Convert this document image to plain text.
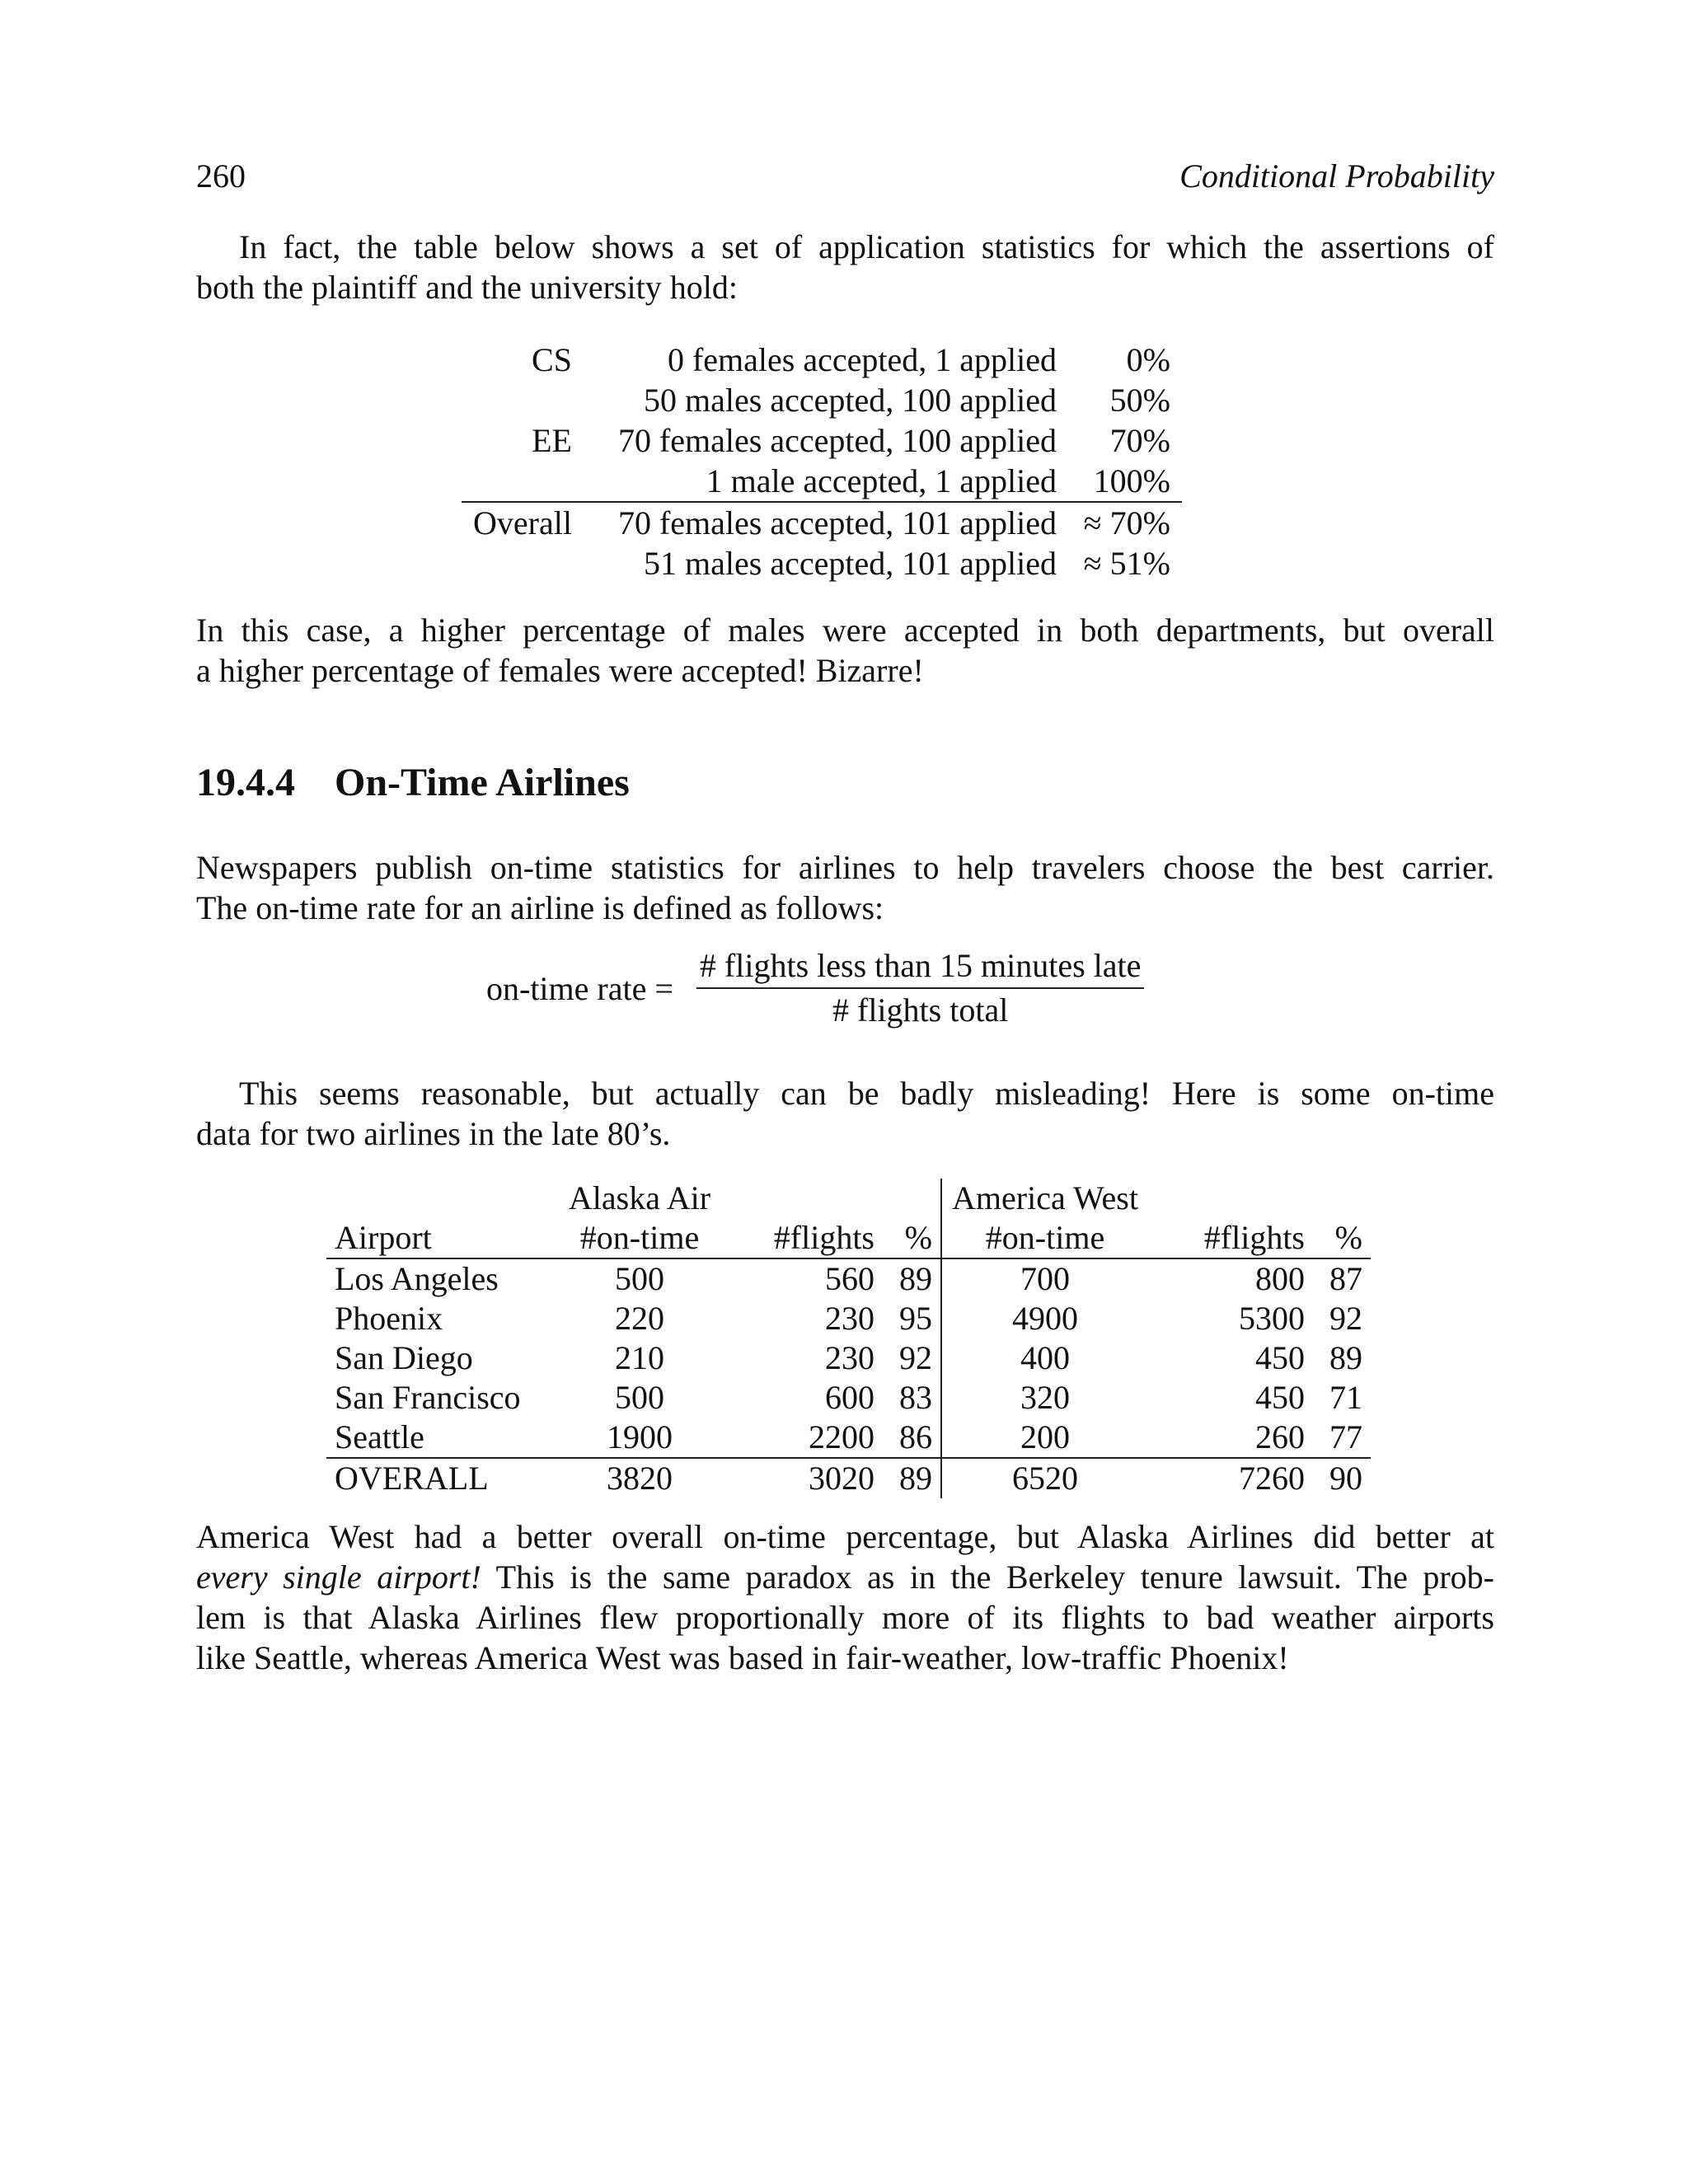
260	Conditional Probability
In fact, the table below shows a set of application statistics for which the assertions of
both the plaintiff and the university hold:
CS	0 females accepted, 1 applied	0%
	50 males accepted, 100 applied	50%
EE	70 females accepted, 100 applied	70%
	1 male accepted, 1 applied	100%
Overall	70 females accepted, 101 applied	≈ 70%
	51 males accepted, 101 applied	≈ 51%
In this case, a higher percentage of males were accepted in both departments, but overall
a higher percentage of females were accepted! Bizarre!
19.4.4 On-Time Airlines
Newspapers publish on-time statistics for airlines to help travelers choose the best carrier.
The on-time rate for an airline is defined as follows:
on-time rate =
# flights less than 15 minutes late
# flights total
This seems reasonable, but actually can be badly misleading! Here is some on-time
data for two airlines in the late 80’s.
	Alaska Air			America West		
Airport	#on-time	#flights	%	#on-time	#flights	%
Los Angeles	500	560	89	700	800	87
Phoenix	220	230	95	4900	5300	92
San Diego	210	230	92	400	450	89
San Francisco	500	600	83	320	450	71
Seattle	1900	2200	86	200	260	77
OVERALL	3820	3020	89	6520	7260	90
America West had a better overall on-time percentage, but Alaska Airlines did better at
every single airport! This is the same paradox as in the Berkeley tenure lawsuit. The prob-
lem is that Alaska Airlines flew proportionally more of its flights to bad weather airports
like Seattle, whereas America West was based in fair-weather, low-traffic Phoenix!
